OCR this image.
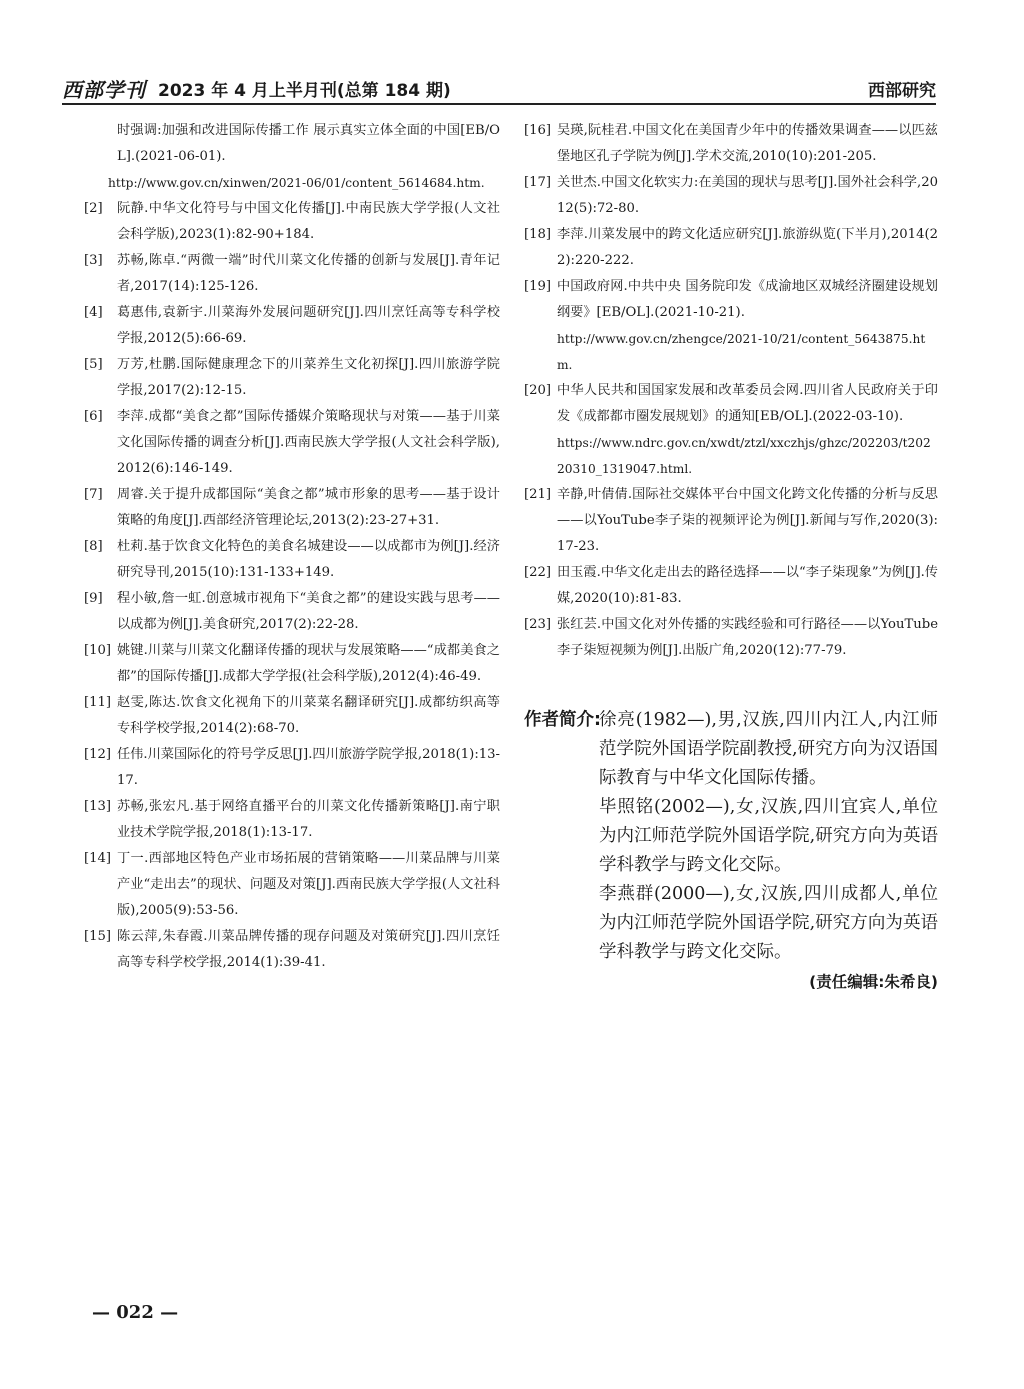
西部学刊 2023 年 4 月上半月刊(总第 184 期)	西部研究
时强调:加强和改进国际传播工作 展示真实立体全面的中国[EB/OL].(2021-06-01).
http://www.gov.cn/xinwen/2021-06/01/content_5614684.htm.
[2] 阮静.中华文化符号与中国文化传播[J].中南民族大学学报(人文社会科学版),2023(1):82-90+184.
[3] 苏畅,陈卓.“两微一端”时代川菜文化传播的创新与发展[J].青年记者,2017(14):125-126.
[4] 葛惠伟,袁新宇.川菜海外发展问题研究[J].四川烹饪高等专科学校学报,2012(5):66-69.
[5] 万芳,杜鹏.国际健康理念下的川菜养生文化初探[J].四川旅游学院学报,2017(2):12-15.
[6] 李萍.成都“美食之都”国际传播媒介策略现状与对策——基于川菜文化国际传播的调查分析[J].西南民族大学学报(人文社会科学版),2012(6):146-149.
[7] 周睿.关于提升成都国际“美食之都”城市形象的思考——基于设计策略的角度[J].西部经济管理论坛,2013(2):23-27+31.
[8] 杜莉.基于饮食文化特色的美食名城建设——以成都市为例[J].经济研究导刊,2015(10):131-133+149.
[9] 程小敏,詹一虹.创意城市视角下“美食之都”的建设实践与思考——以成都为例[J].美食研究,2017(2):22-28.
[10] 姚键.川菜与川菜文化翻译传播的现状与发展策略——“成都美食之都”的国际传播[J].成都大学学报(社会科学版),2012(4):46-49.
[11] 赵雯,陈达.饮食文化视角下的川菜菜名翻译研究[J].成都纺织高等专科学校学报,2014(2):68-70.
[12] 任伟.川菜国际化的符号学反思[J].四川旅游学院学报,2018(1):13-17.
[13] 苏畅,张宏凡.基于网络直播平台的川菜文化传播新策略[J].南宁职业技术学院学报,2018(1):13-17.
[14] 丁一.西部地区特色产业市场拓展的营销策略——川菜品牌与川菜产业“走出去”的现状、问题及对策[J].西南民族大学学报(人文社科版),2005(9):53-56.
[15] 陈云萍,朱春霞.川菜品牌传播的现存问题及对策研究[J].四川烹饪高等专科学校学报,2014(1):39-41.
[16] 吴瑛,阮桂君.中国文化在美国青少年中的传播效果调查——以匹兹堡地区孔子学院为例[J].学术交流,2010(10):201-205.
[17] 关世杰.中国文化软实力:在美国的现状与思考[J].国外社会科学,2012(5):72-80.
[18] 李萍.川菜发展中的跨文化适应研究[J].旅游纵览(下半月),2014(22):220-222.
[19] 中国政府网.中共中央 国务院印发《成渝地区双城经济圈建设规划纲要》[EB/OL].(2021-10-21).
http://www.gov.cn/zhengce/2021-10/21/content_5643875.htm.
[20] 中华人民共和国国家发展和改革委员会网.四川省人民政府关于印发《成都都市圈发展规划》的通知[EB/OL].(2022-03-10).
https://www.ndrc.gov.cn/xwdt/ztzl/xxczhjs/ghzc/202203/t20220310_1319047.html.
[21] 辛静,叶倩倩.国际社交媒体平台中国文化跨文化传播的分析与反思——以YouTube李子柒的视频评论为例[J].新闻与写作,2020(3):17-23.
[22] 田玉霞.中华文化走出去的路径选择——以“李子柒现象”为例[J].传媒,2020(10):81-83.
[23] 张红芸.中国文化对外传播的实践经验和可行路径——以YouTube李子柒短视频为例[J].出版广角,2020(12):77-79.
作者简介:

徐亮(1982—),男,汉族,四川内江人,内江师范学院外国语学院副教授,研究方向为汉语国际教育与中华文化国际传播。

毕照铭(2002—),女,汉族,四川宜宾人,单位为内江师范学院外国语学院,研究方向为英语学科教学与跨文化交际。

李燕群(2000—),女,汉族,四川成都人,单位为内江师范学院外国语学院,研究方向为英语学科教学与跨文化交际。

(责任编辑:朱希良)
— 022 —
